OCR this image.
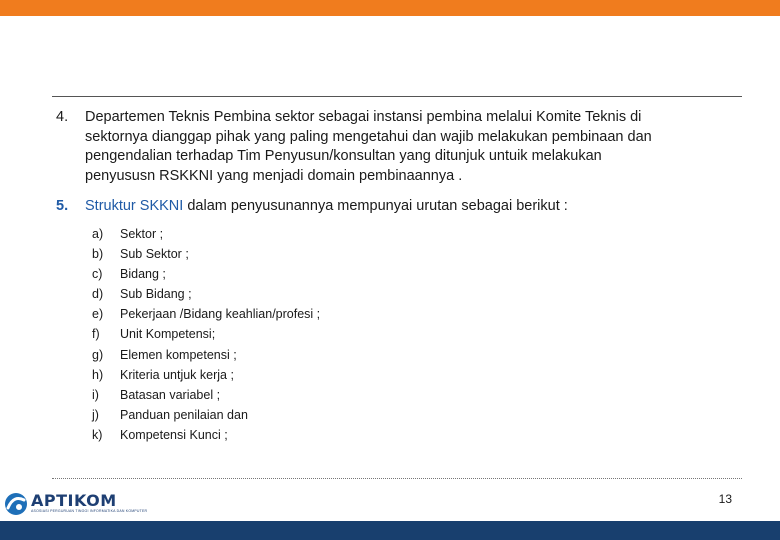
4.	Departemen Teknis Pembina sektor sebagai instansi pembina melalui Komite Teknis di
sektornya dianggap pihak yang paling mengetahui dan wajib melakukan pembinaan dan
pengendalian terhadap Tim Penyusun/konsultan yang ditunjuk untuik melakukan
penyususn RSKKNI yang menjadi domain pembinaannya .
5.	Struktur SKKNI dalam penyusunannya mempunyai urutan sebagai berikut :
a)	Sektor ;
b)	Sub Sektor ;
c)	Bidang ;
d)	Sub Bidang ;
e)	Pekerjaan /Bidang keahlian/profesi ;
f)	Unit Kompetensi;
g)	Elemen kompetensi ;
h)	Kriteria untjuk kerja ;
i)	Batasan variabel ;
j)	Panduan penilaian dan
k)	Kompetensi Kunci ;
APTIKOM
ASOSIASI PERGURUAN TINGGI INFORMATIKA DAN KOMPUTER
13
